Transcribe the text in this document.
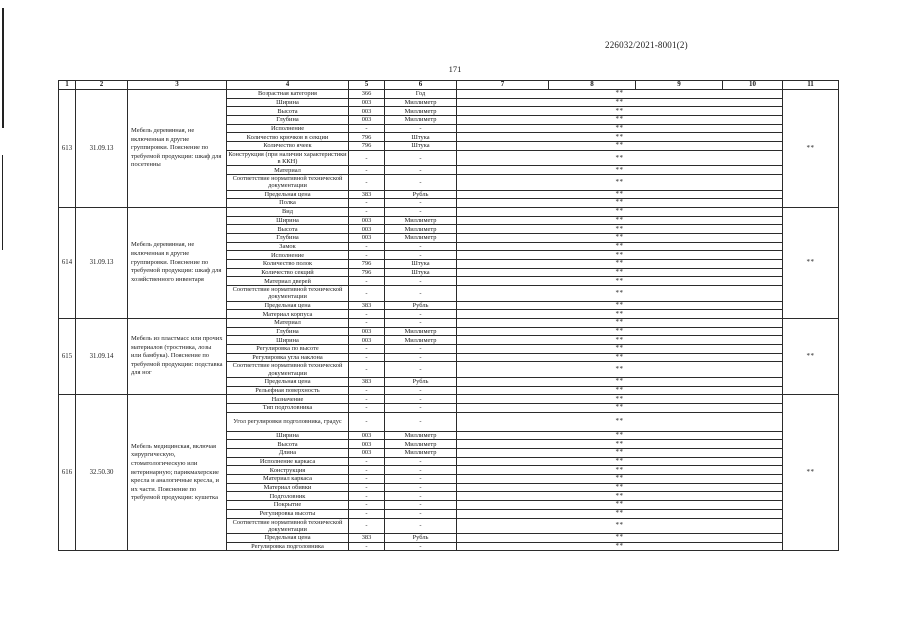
226032/2021-8001(2)
171
1	2	3	4	5	6	7	8	9	10	11
613	31.09.13	Мебель деревянная, не включенная в другие группировки. Пояснение по требуемой продукции: шкаф для посетенны	Возрастная категория	366	Год	**				**
			Ширина	003	Миллиметр	**				
			Высота	003	Миллиметр	**				
			Глубина	003	Миллиметр	**				
			Исполнение	-	-	**				
			Количество крючков в секции	796	Штука	**				
			Количество ячеек	796	Штука	**				
			Конструкция (при наличии характеристики в ККН)	-	-	**				
			Материал	-	-	**				
			Соответствие нормативной технической документации	-	-	**				
			Предельная цена	383	Рубль	**				
			Полка	-	-	**				
614	31.09.13	Мебель деревянная, не включенная в другие группировки. Пояснение по требуемой продукции: шкаф для хозяйственного инвентаря	Вид	-	-	**				**
			Ширина	003	Миллиметр	**				
			Высота	003	Миллиметр	**				
			Глубина	003	Миллиметр	**				
			Замок	-	-	**				
			Исполнение	-	-	**				
			Количество полок	796	Штука	**				
			Количество секций	796	Штука	**				
			Материал дверей	-	-	**				
			Соответствие нормативной технической документации	-	-	**				
			Предельная цена	383	Рубль	**				
			Материал корпуса	-	-	**				
615	31.09.14	Мебель из пластмасс или прочих материалов (тростника, лозы или бамбука). Пояснение по требуемой продукции: подставка для ног	Материал	-	-	**				**
			Глубина	003	Миллиметр	**				
			Ширина	003	Миллиметр	**				
			Регулировка по высоте	-	-	**				
			Регулировка угла наклона	-	-	**				
			Соответствие нормативной технической документации	-	-	**				
			Предельная цена	383	Рубль	**				
			Рельефная поверхность	-	-	**				
616	32.50.30	Мебель медицинская, включая хирургическую, стоматологическую или ветеринарную; парикмахерские кресла и аналогичные кресла, и их части. Пояснение по требуемой продукции: кушетка	Назначение	-	-	**				**
			Тип подголовника	-	-	**				
			Угол регулировки подголовника, градус	-	-	**				
			Ширина	003	Миллиметр	**				
			Высота	003	Миллиметр	**				
			Длина	003	Миллиметр	**				
			Исполнение каркаса	-	-	**				
			Конструкция	-	-	**				
			Материал каркаса	-	-	**				
			Материал обивки	-	-	**				
			Подголовник	-	-	**				
			Покрытие	-	-	**				
			Регулировка высоты	-	-	**				
			Соответствие нормативной технической документации	-	-	**				
			Предельная цена	383	Рубль	**				
			Регулировка подголовника	-	-	**				
